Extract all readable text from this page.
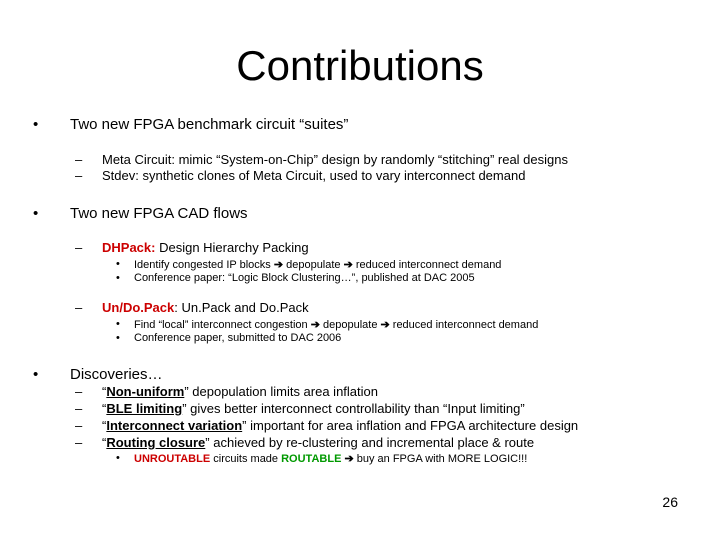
Contributions
• Two new FPGA benchmark circuit “suites”
– Meta Circuit: mimic “System-on-Chip” design by randomly “stitching” real designs
– Stdev: synthetic clones of Meta Circuit, used to vary interconnect demand
• Two new FPGA CAD flows
– DHPack: Design Hierarchy Packing
• Identify congested IP blocks ➔ depopulate ➔ reduced interconnect demand
• Conference paper: “Logic Block Clustering…”, published at DAC 2005
– Un/Do.Pack: Un.Pack and Do.Pack
• Find “local” interconnect congestion ➔ depopulate ➔ reduced interconnect demand
• Conference paper, submitted to DAC 2006
• Discoveries…
– “Non-uniform” depopulation limits area inflation
– “BLE limiting” gives better interconnect controllability than “Input limiting”
– “Interconnect variation” important for area inflation and FPGA architecture design
– “Routing closure” achieved by re-clustering and incremental place & route
• UNROUTABLE circuits made ROUTABLE ➔ buy an FPGA with MORE LOGIC!!!
26
